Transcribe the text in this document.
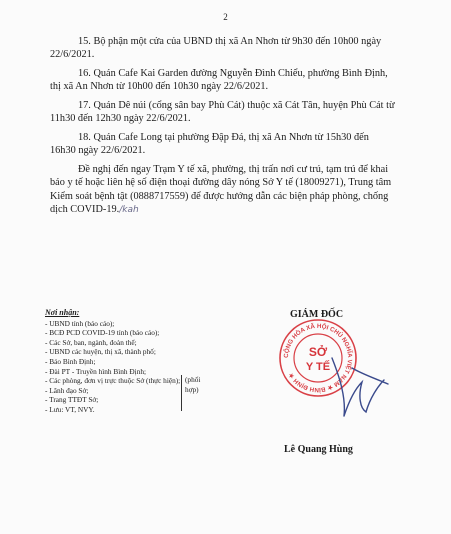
2
15. Bộ phận một cửa của UBND thị xã An Nhơn từ 9h30 đến 10h00 ngày
22/6/2021.
16. Quán Cafe Kai Garden đường Nguyễn Đình Chiểu, phường Bình Định,
thị xã An Nhơn từ 10h00 đến 10h30 ngày 22/6/2021.
17. Quán Dê núi (cổng sân bay Phù Cát) thuộc xã Cát Tân, huyện Phù Cát từ
11h30 đến 12h30 ngày 22/6/2021.
18. Quán Cafe Long tại phường Đập Đá, thị xã An Nhơn từ 15h30 đến
16h30 ngày 22/6/2021.
Đề nghị đến ngay Trạm Y tế xã, phường, thị trấn nơi cư trú, tạm trú để khai
báo y tế hoặc liên hệ số điện thoại đường dây nóng Sở Y tế (18009271), Trung tâm
Kiểm soát bệnh tật (0888717559) để được hướng dẫn các biện pháp phòng, chống
dịch COVID-19./kah
Nơi nhận:
- UBND tỉnh (báo cáo);
- BCĐ PCD COVID-19 tỉnh (báo cáo);
- Các Sở, ban, ngành, đoàn thể;
- UBND các huyện, thị xã, thành phố;
- Báo Bình Định;
- Đài PT - Truyền hình Bình Định;
- Các phòng, đơn vị trực thuộc Sở (thực hiện);
- Lãnh đạo Sở;
- Trang TTĐT Sở;
- Lưu: VT, NVY.
(phối
hợp)
GIÁM ĐỐC
CỘNG HÒA XÃ HỘI CHỦ NGHĨA VIỆT NAM ★ BÌNH ĐỊNH ★
SỞ
Y TẾ
Lê Quang Hùng
